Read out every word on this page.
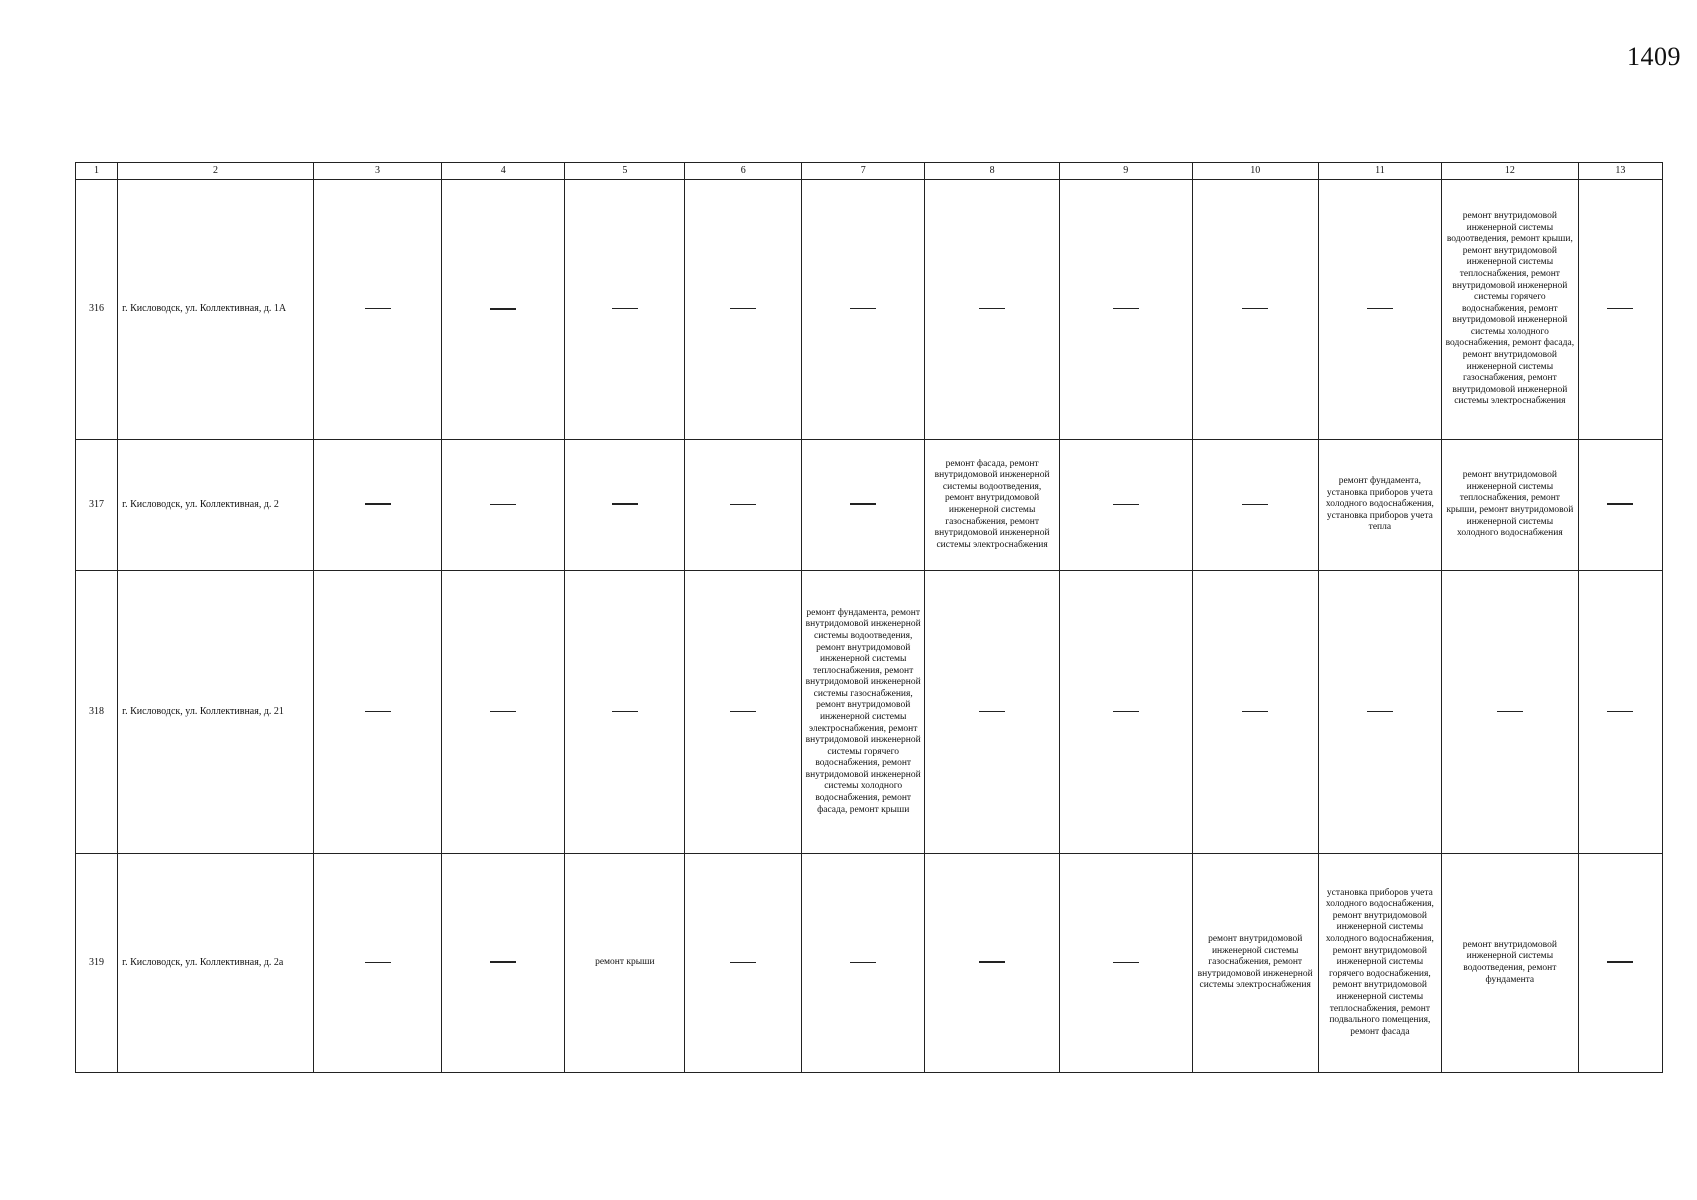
1409
1	2	3	4	5	6	7	8	9	10	11	12	13
316	г. Кисловодск, ул. Коллективная, д. 1А										ремонт внутридомовой инженерной системы водоотведения, ремонт крыши, ремонт внутридомовой инженерной системы теплоснабжения, ремонт внутридомовой инженерной системы горячего водоснабжения, ремонт внутридомовой инженерной системы холодного водоснабжения, ремонт фасада, ремонт внутридомовой инженерной системы газоснабжения, ремонт внутридомовой инженерной системы электроснабжения	
317	г. Кисловодск, ул. Коллективная, д. 2						ремонт фасада, ремонт внутридомовой инженерной системы водоотведения, ремонт внутридомовой инженерной системы газоснабжения, ремонт внутридомовой инженерной системы электроснабжения			ремонт фундамента, установка приборов учета холодного водоснабжения, установка приборов учета тепла	ремонт внутридомовой инженерной системы теплоснабжения, ремонт крыши, ремонт внутридомовой инженерной системы холодного водоснабжения	
318	г. Кисловодск, ул. Коллективная, д. 21					ремонт фундамента, ремонт внутридомовой инженерной системы водоотведения, ремонт внутридомовой инженерной системы теплоснабжения, ремонт внутридомовой инженерной системы газоснабжения, ремонт внутридомовой инженерной системы электроснабжения, ремонт внутридомовой инженерной системы горячего водоснабжения, ремонт внутридомовой инженерной системы холодного водоснабжения, ремонт фасада, ремонт крыши						
319	г. Кисловодск, ул. Коллективная, д. 2а			ремонт крыши					ремонт внутридомовой инженерной системы газоснабжения, ремонт внутридомовой инженерной системы электроснабжения	установка приборов учета холодного водоснабжения, ремонт внутридомовой инженерной системы холодного водоснабжения, ремонт внутридомовой инженерной системы горячего водоснабжения, ремонт внутридомовой инженерной системы теплоснабжения, ремонт подвального помещения, ремонт фасада	ремонт внутридомовой инженерной системы водоотведения, ремонт фундамента	
